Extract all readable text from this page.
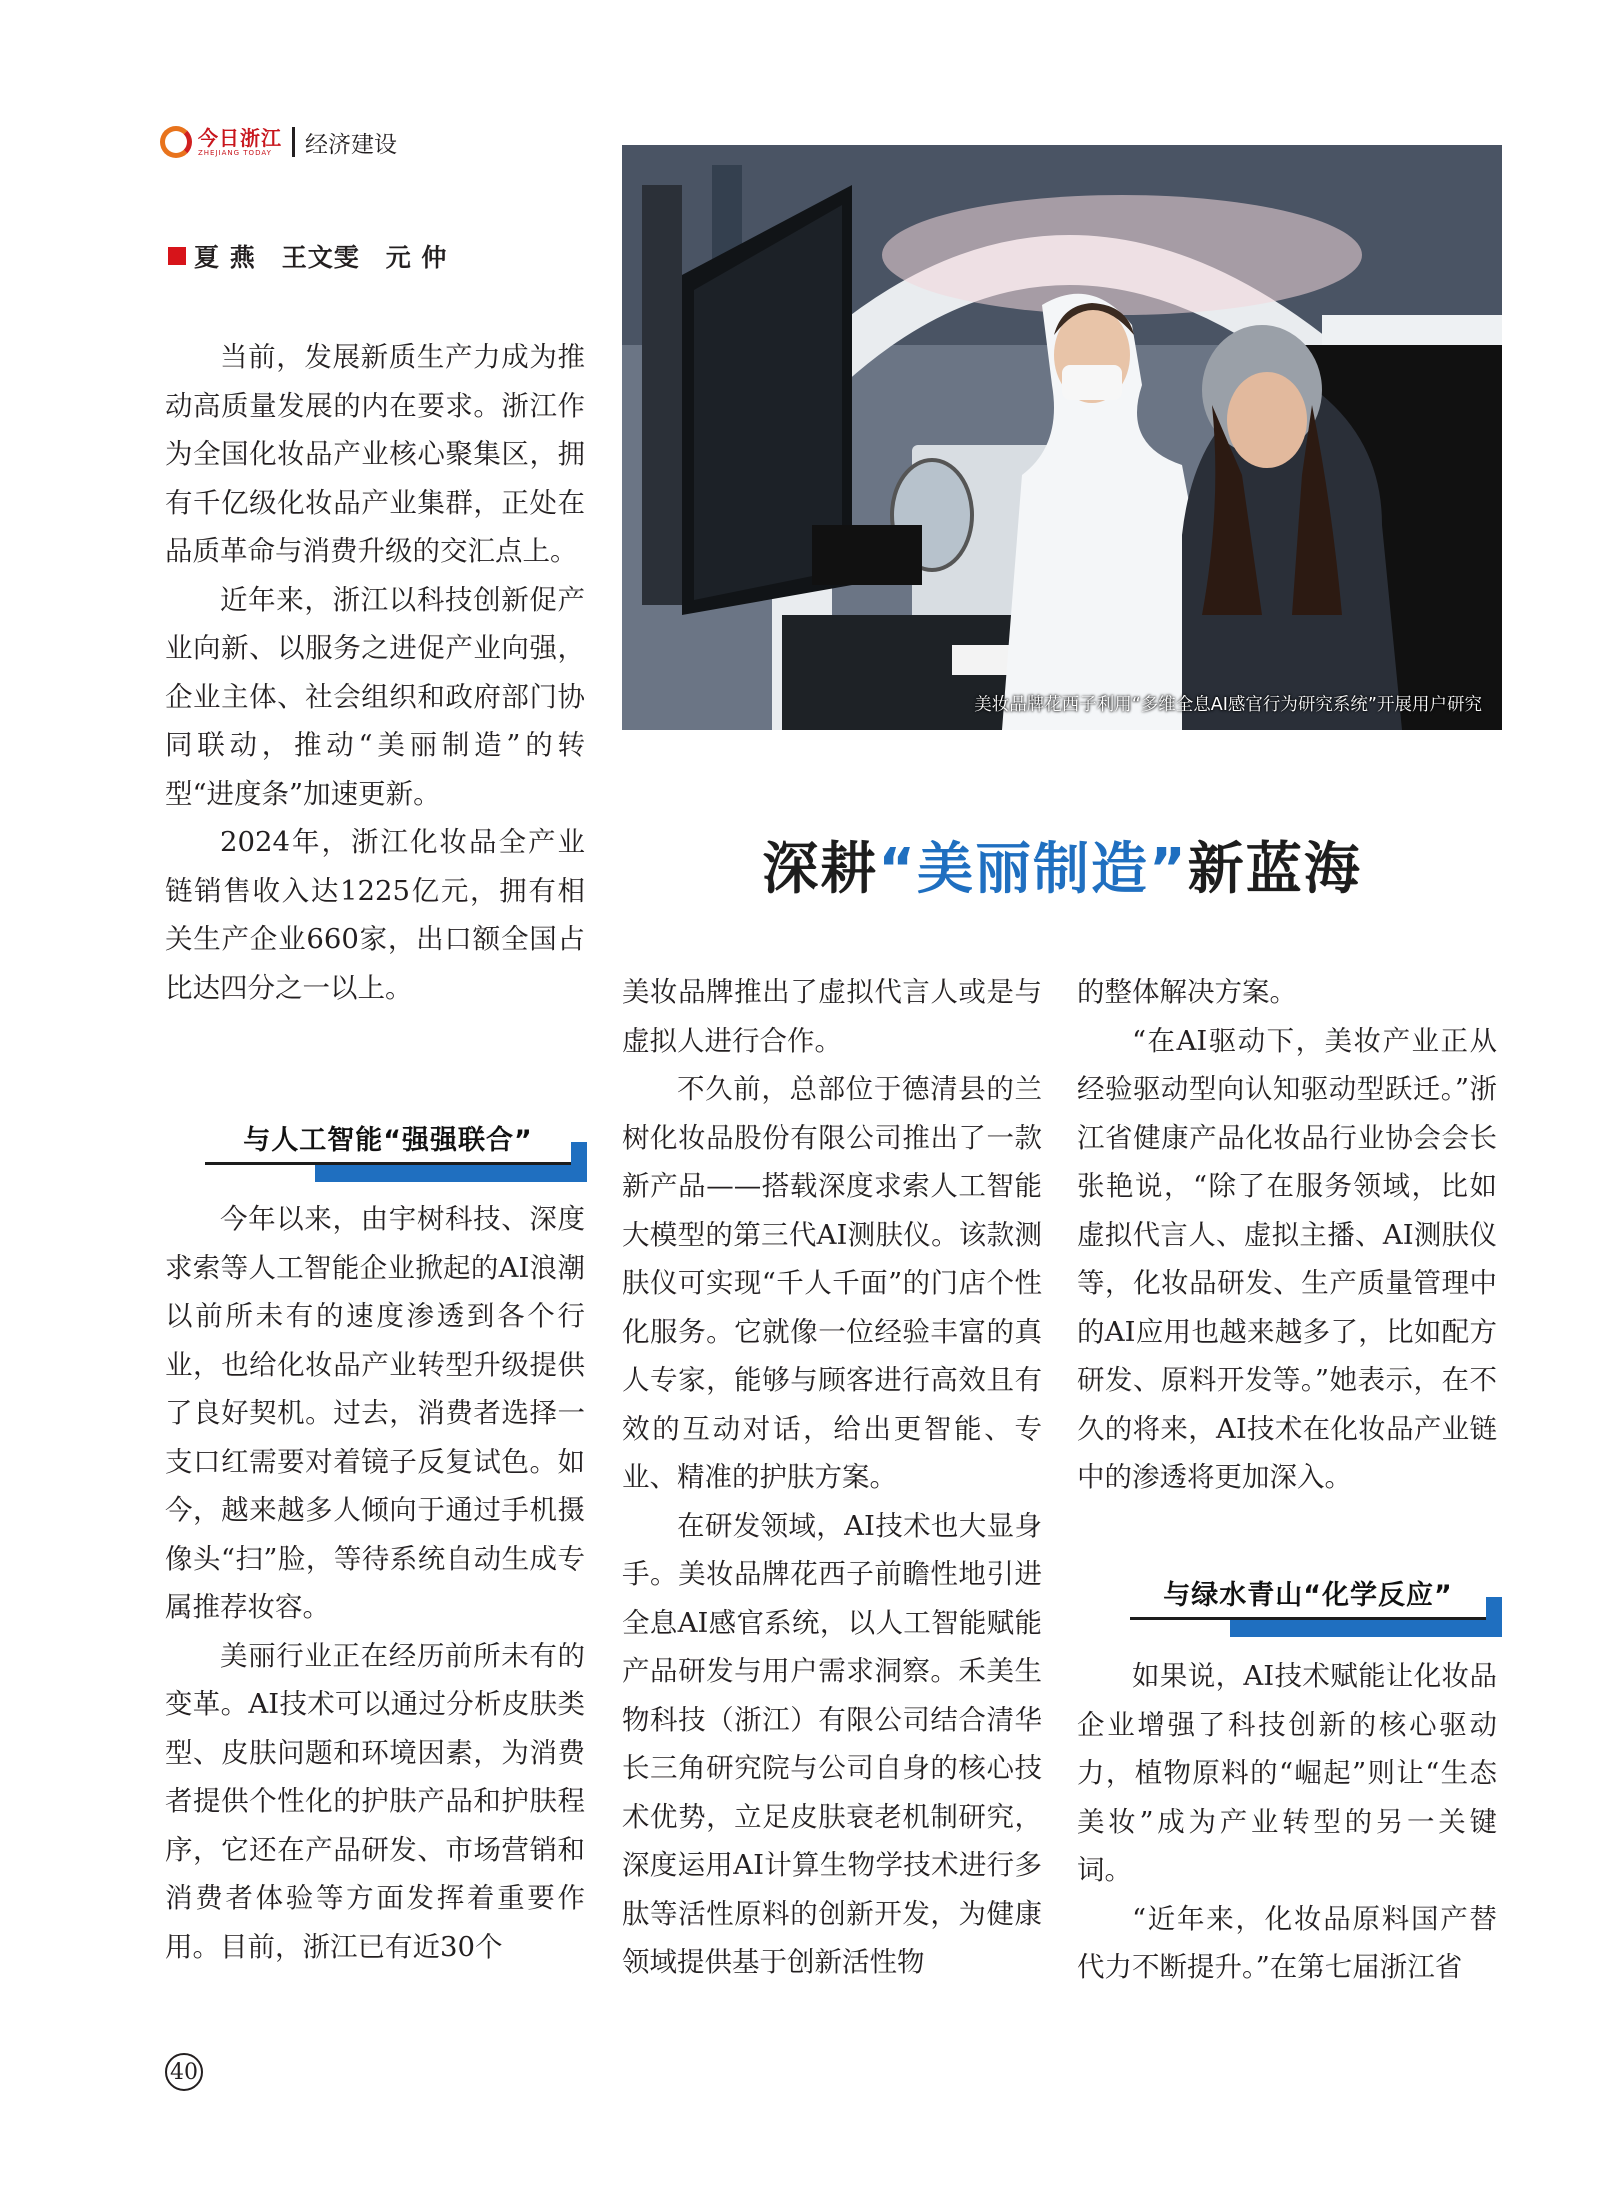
今日浙江
ZHEJIANG TODAY	经济建设
夏 燕　王文雯　元 仲
美妆品牌花西子利用“多维全息AI感官行为研究系统”开展用户研究
深耕“美丽制造”新蓝海

当前，发展新质生产力成为推动高质量发展的内在要求。浙江作为全国化妆品产业核心聚集区，拥有千亿级化妆品产业集群，正处在品质革命与消费升级的交汇点上。

近年来，浙江以科技创新促产业向新、以服务之进促产业向强，企业主体、社会组织和政府部门协同联动，推动“美丽制造”的转型“进度条”加速更新。

2024年，浙江化妆品全产业链销售收入达1225亿元，拥有相关生产企业660家，出口额全国占比达四分之一以上。

与人工智能“强强联合”

今年以来，由宇树科技、深度求索等人工智能企业掀起的AI浪潮以前所未有的速度渗透到各个行业，也给化妆品产业转型升级提供了良好契机。过去，消费者选择一支口红需要对着镜子反复试色。如今，越来越多人倾向于通过手机摄像头“扫”脸，等待系统自动生成专属推荐妆容。

美丽行业正在经历前所未有的变革。AI技术可以通过分析皮肤类型、皮肤问题和环境因素，为消费者提供个性化的护肤产品和护肤程序，它还在产品研发、市场营销和消费者体验等方面发挥着重要作用。目前，浙江已有近30个

美妆品牌推出了虚拟代言人或是与虚拟人进行合作。

不久前，总部位于德清县的兰树化妆品股份有限公司推出了一款新产品——搭载深度求索人工智能大模型的第三代AI测肤仪。该款测肤仪可实现“千人千面”的门店个性化服务。它就像一位经验丰富的真人专家，能够与顾客进行高效且有效的互动对话，给出更智能、专业、精准的护肤方案。

在研发领域，AI技术也大显身手。美妆品牌花西子前瞻性地引进全息AI感官系统，以人工智能赋能产品研发与用户需求洞察。禾美生物科技（浙江）有限公司结合清华长三角研究院与公司自身的核心技术优势，立足皮肤衰老机制研究，深度运用AI计算生物学技术进行多肽等活性原料的创新开发，为健康领域提供基于创新活性物

的整体解决方案。

“在AI驱动下，美妆产业正从经验驱动型向认知驱动型跃迁。”浙江省健康产品化妆品行业协会会长张艳说，“除了在服务领域，比如虚拟代言人、虚拟主播、AI测肤仪等，化妆品研发、生产质量管理中的AI应用也越来越多了，比如配方研发、原料开发等。”她表示，在不久的将来，AI技术在化妆品产业链中的渗透将更加深入。

与绿水青山“化学反应”

如果说，AI技术赋能让化妆品企业增强了科技创新的核心驱动力，植物原料的“崛起”则让“生态美妆”成为产业转型的另一关键词。

“近年来，化妆品原料国产替代力不断提升。”在第七届浙江省

40
